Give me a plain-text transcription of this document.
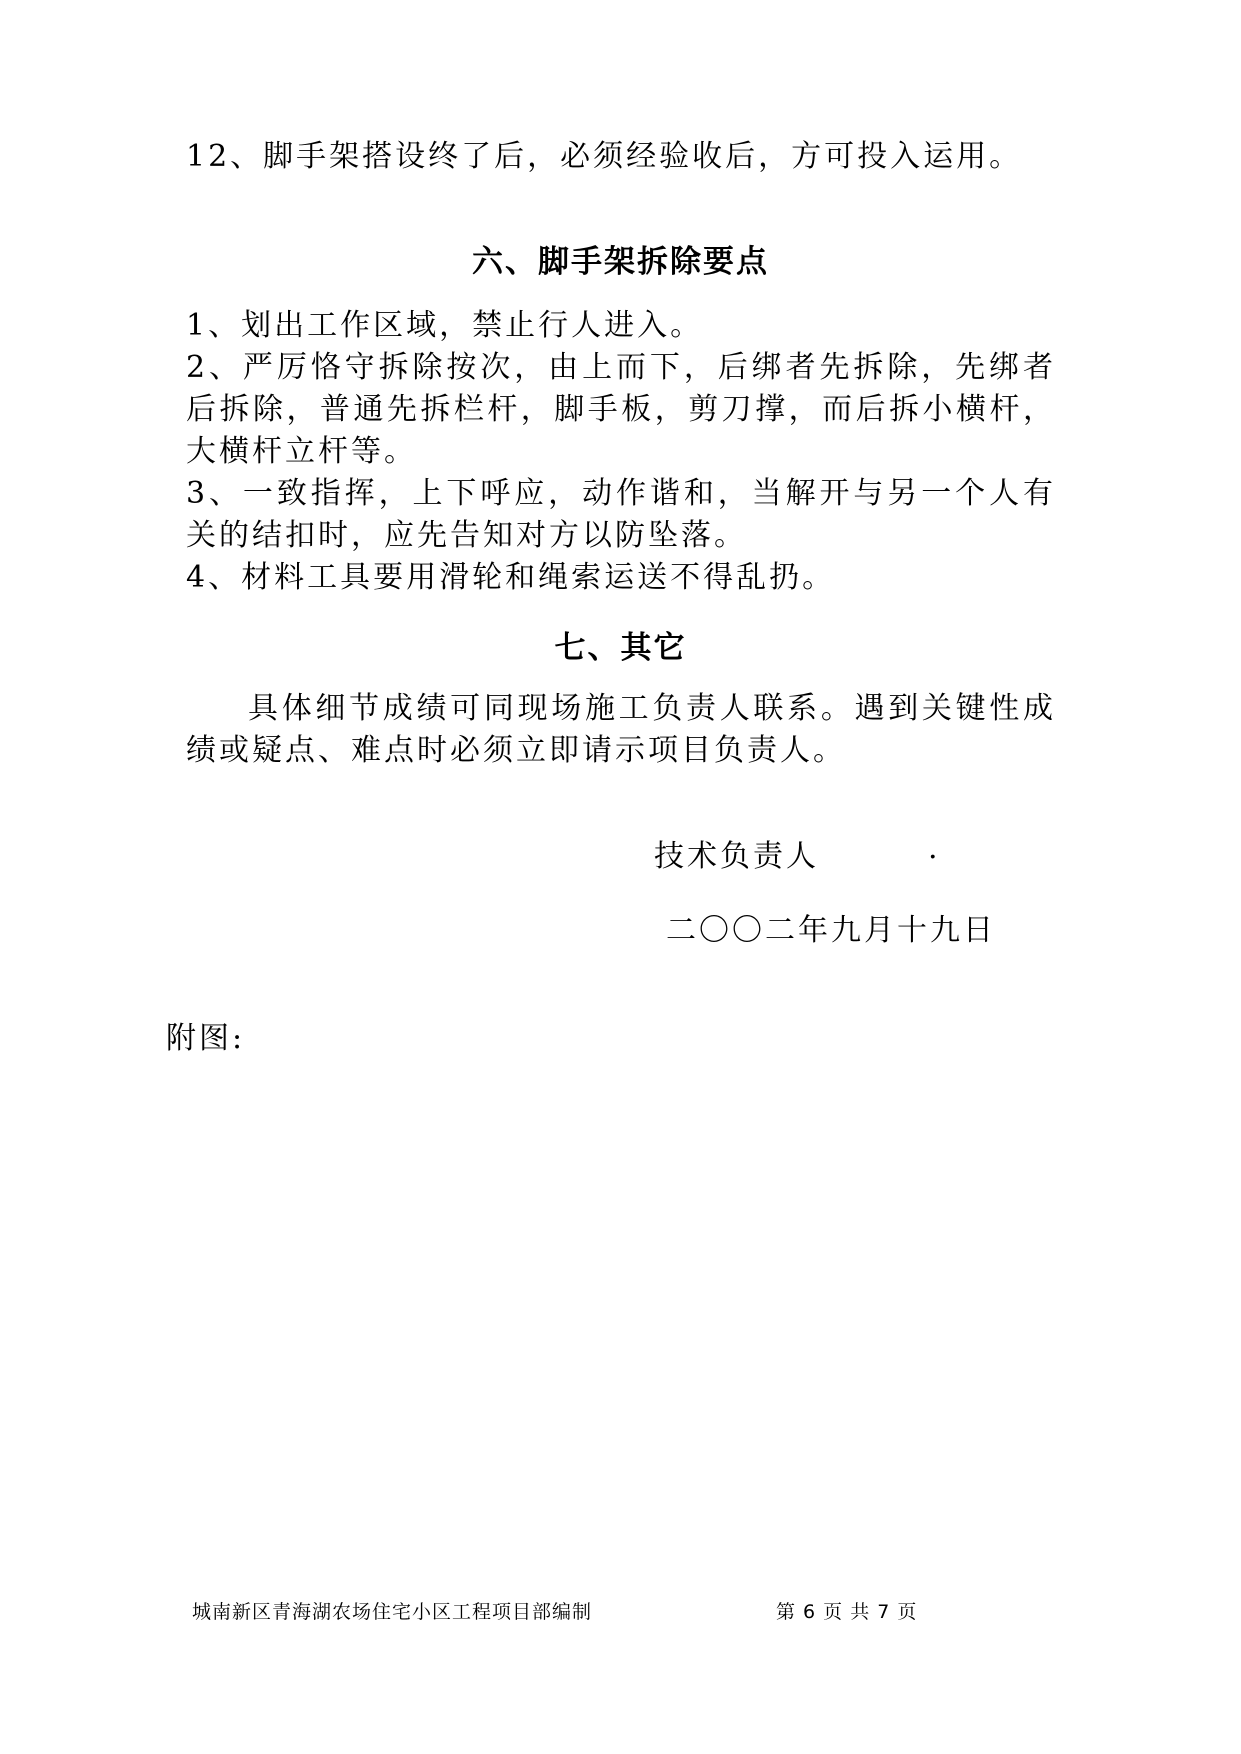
12、脚手架搭设终了后，必须经验收后，方可投入运用。

六、脚手架拆除要点

1、划出工作区域，禁止行人进入。

2、严厉恪守拆除按次，由上而下，后绑者先拆除，先绑者后拆除，普通先拆栏杆，脚手板，剪刀撑，而后拆小横杆，大横杆立杆等。

3、一致指挥，上下呼应，动作谐和，当解开与另一个人有关的结扣时，应先告知对方以防坠落。

4、材料工具要用滑轮和绳索运送不得乱扔。

七、其它

具体细节成绩可同现场施工负责人联系。遇到关键性成绩或疑点、难点时必须立即请示项目负责人。

技术负责人	.
二〇〇二年九月十九日
附图:
城南新区青海湖农场住宅小区工程项目部编制	第 6 页 共 7 页
